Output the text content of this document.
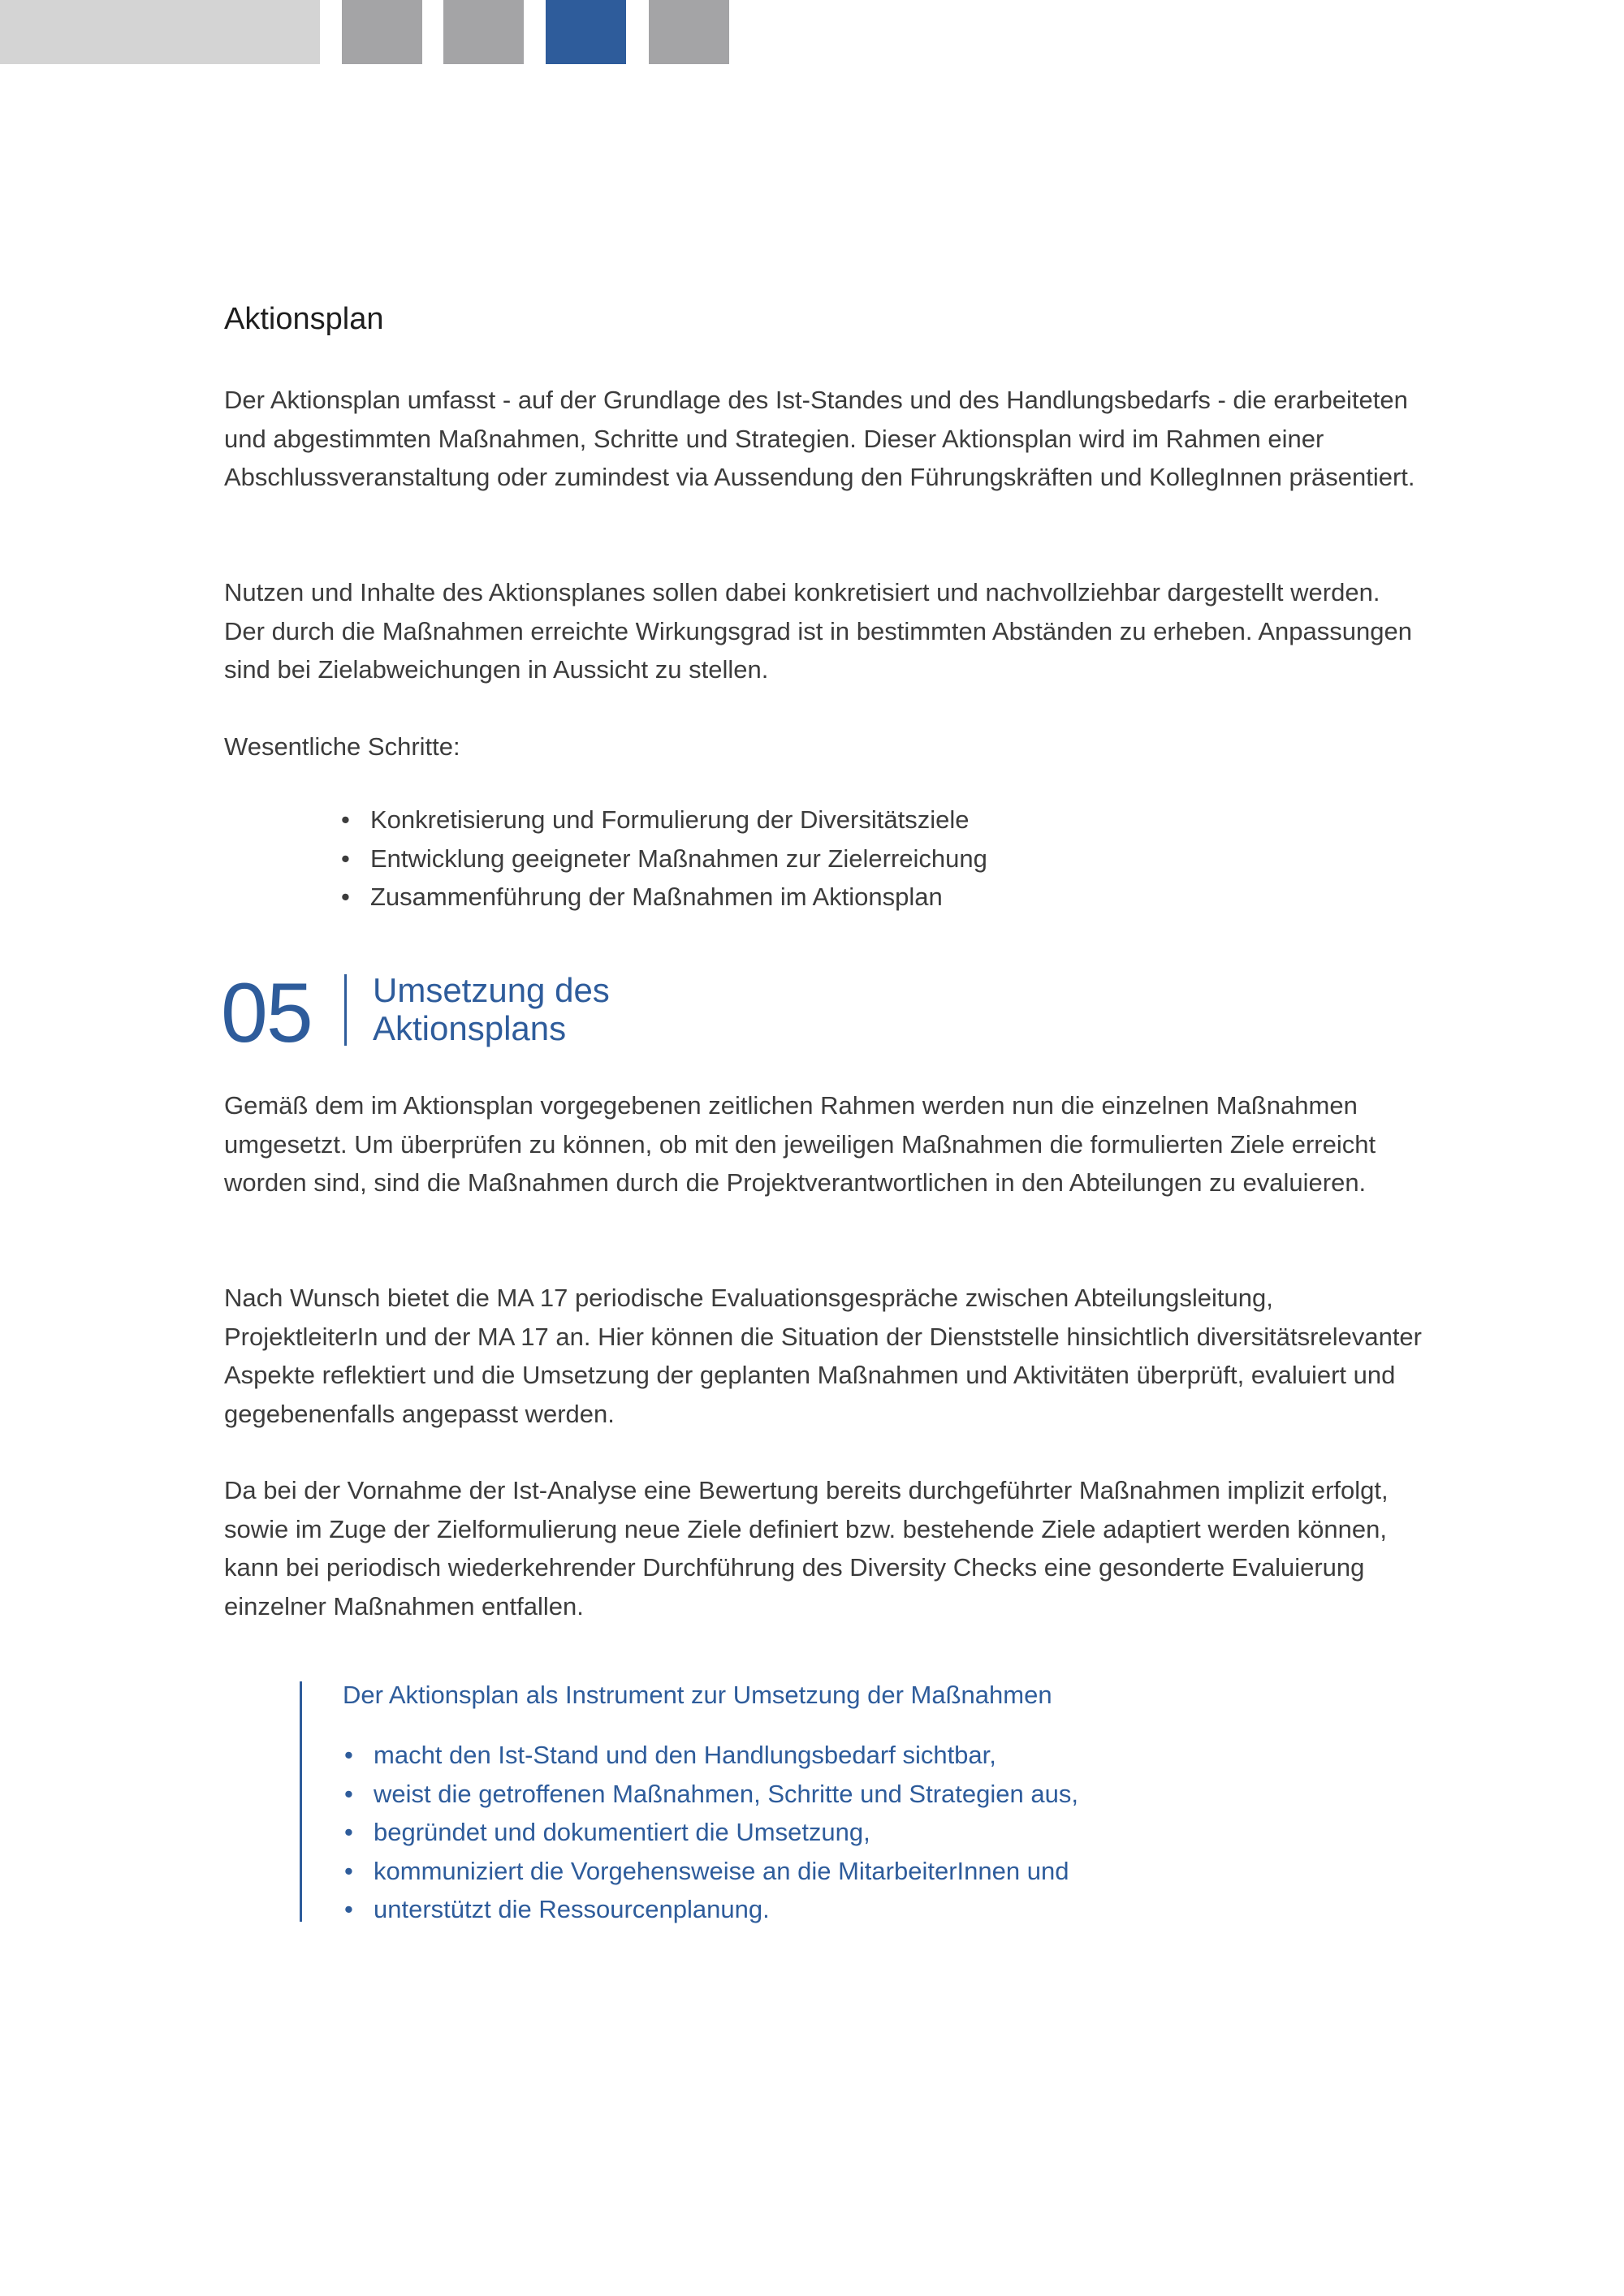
Aktionsplan

Der Aktionsplan umfasst - auf der Grundlage des Ist-Standes und des Handlungsbedarfs - die erarbeiteten und abgestimmten Maßnahmen, Schritte und Strategien. Dieser Aktionsplan wird im Rahmen einer Abschlussveranstaltung oder zumindest via Aussendung den Führungskräften und KollegInnen präsentiert.

Nutzen und Inhalte des Aktionsplanes sollen dabei konkretisiert und nachvollziehbar dargestellt werden. Der durch die Maßnahmen erreichte Wirkungsgrad ist in bestimmten Abständen zu erheben. Anpassungen sind bei Zielabweichungen in Aussicht zu stellen.

Wesentliche Schritte:

• Konkretisierung und Formulierung der Diversitätsziele
• Entwicklung geeigneter Maßnahmen zur Zielerreichung
• Zusammenführung der Maßnahmen im Aktionsplan
05 Umsetzung des
Aktionsplans

Gemäß dem im Aktionsplan vorgegebenen zeitlichen Rahmen werden nun die einzelnen Maßnahmen umgesetzt. Um überprüfen zu können, ob mit den jeweiligen Maßnahmen die formulierten Ziele erreicht worden sind, sind die Maßnahmen durch die Projektverantwortlichen in den Abteilungen zu evaluieren.

Nach Wunsch bietet die MA 17 periodische Evaluationsgespräche zwischen Abteilungsleitung, ProjektleiterIn und der MA 17 an. Hier können die Situation der Dienststelle hinsichtlich diversitätsrelevanter Aspekte reflektiert und die Umsetzung der geplanten Maßnahmen und Aktivitäten überprüft, evaluiert und gegebenenfalls angepasst werden.

Da bei der Vornahme der Ist-Analyse eine Bewertung bereits durchgeführter Maßnahmen implizit erfolgt, sowie im Zuge der Zielformulierung neue Ziele definiert bzw. bestehende Ziele adaptiert werden können, kann bei periodisch wiederkehrender Durchführung des Diversity Checks eine gesonderte Evaluierung einzelner Maßnahmen entfallen.

Der Aktionsplan als Instrument zur Umsetzung der Maßnahmen
• macht den Ist-Stand und den Handlungsbedarf sichtbar,
• weist die getroffenen Maßnahmen, Schritte und Strategien aus,
• begründet und dokumentiert die Umsetzung,
• kommuniziert die Vorgehensweise an die MitarbeiterInnen und
• unterstützt die Ressourcenplanung.
